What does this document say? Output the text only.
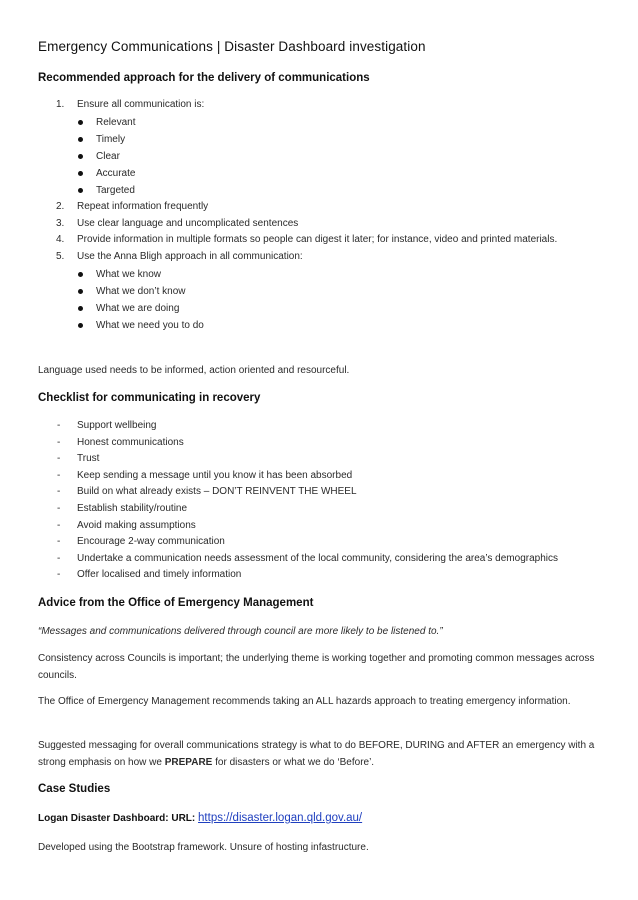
Emergency Communications | Disaster Dashboard investigation
Recommended approach for the delivery of communications
1. Ensure all communication is:
Relevant
Timely
Clear
Accurate
Targeted
2. Repeat information frequently
3. Use clear language and uncomplicated sentences
4. Provide information in multiple formats so people can digest it later; for instance, video and printed materials.
5. Use the Anna Bligh approach in all communication:
What we know
What we don’t know
What we are doing
What we need you to do

Language used needs to be informed, action oriented and resourceful.

Checklist for communicating in recovery
- Support wellbeing
- Honest communications
- Trust
- Keep sending a message until you know it has been absorbed
- Build on what already exists – DON’T REINVENT THE WHEEL
- Establish stability/routine
- Avoid making assumptions
- Encourage 2-way communication
- Undertake a communication needs assessment of the local community, considering the area’s demographics
- Offer localised and timely information
Advice from the Office of Emergency Management

“Messages and communications delivered through council are more likely to be listened to.”

Consistency across Councils is important; the underlying theme is working together and promoting common messages across councils.

The Office of Emergency Management recommends taking an ALL hazards approach to treating emergency information.

Suggested messaging for overall communications strategy is what to do BEFORE, DURING and AFTER an emergency with a strong emphasis on how we PREPARE for disasters or what we do ‘Before’.

Case Studies

Logan Disaster Dashboard: URL: https://disaster.logan.qld.gov.au/

Developed using the Bootstrap framework. Unsure of hosting infastructure.
